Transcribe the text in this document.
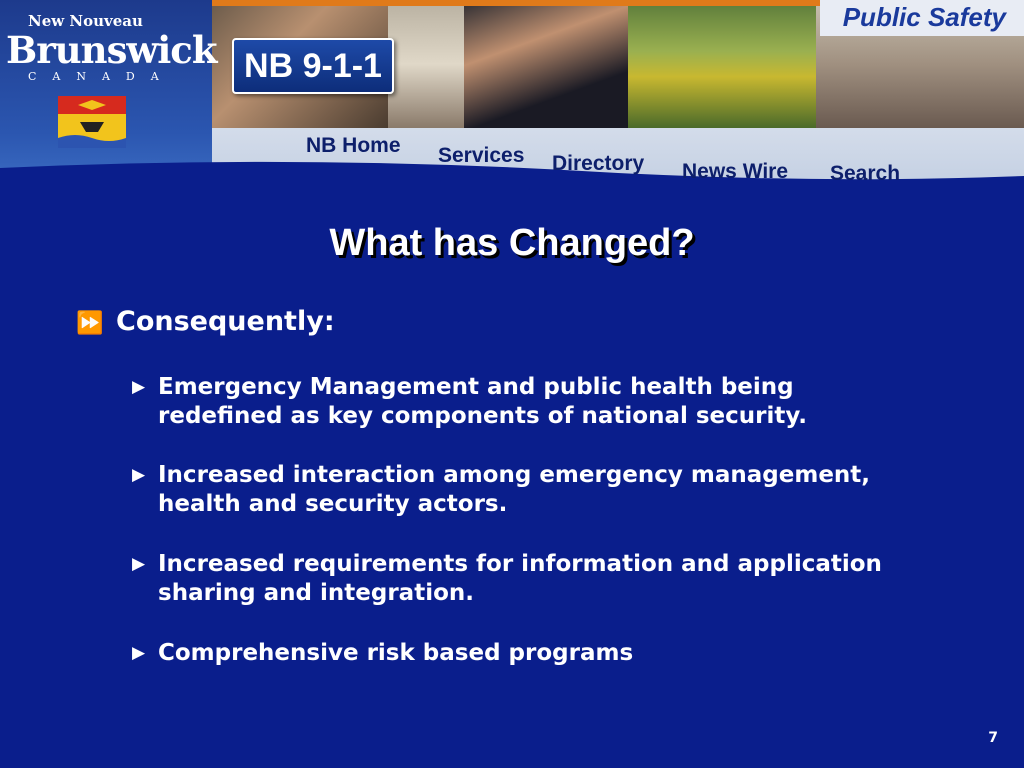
Public Safety
New Nouveau
Brunswick
CANADA	NB 9-1-1
NB Home Services Directory News Wire Search
What has Changed?
⏩ Consequently:
▶ Emergency Management and public health being redefined as key components of national security.
▶ Increased interaction among emergency management, health and security actors.
▶ Increased requirements for information and application sharing and integration.
▶ Comprehensive risk based programs
7
